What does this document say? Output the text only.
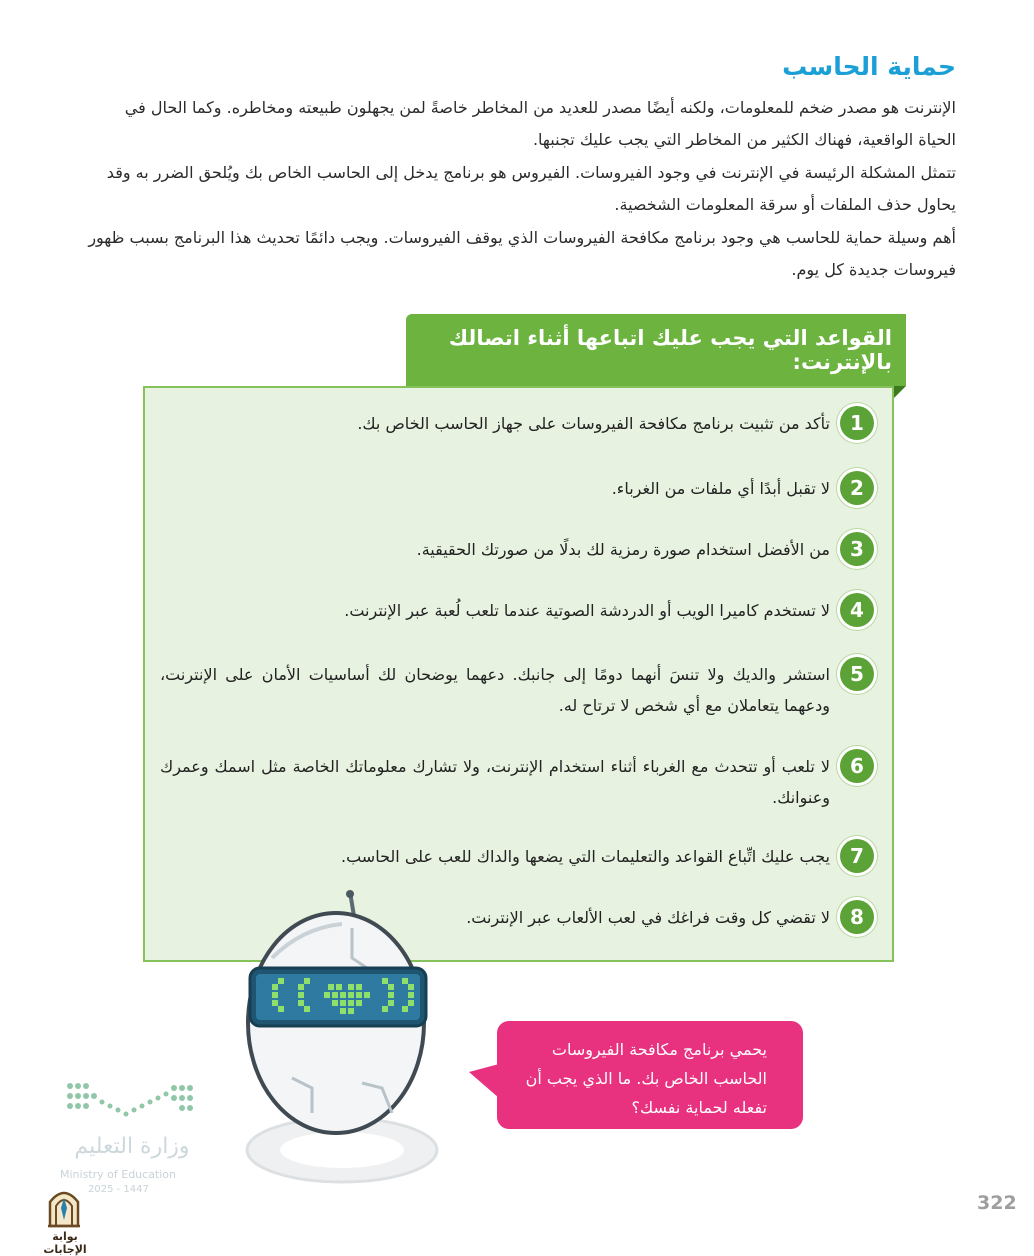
حماية الحاسب
الإنترنت هو مصدر ضخم للمعلومات، ولكنه أيضًا مصدر للعديد من المخاطر خاصةً لمن يجهلون طبيعته ومخاطره. وكما الحال في الحياة الواقعية، فهناك الكثير من المخاطر التي يجب عليك تجنبها.
تتمثل المشكلة الرئيسة في الإنترنت في وجود الفيروسات. الفيروس هو برنامج يدخل إلى الحاسب الخاص بك ويُلحق الضرر به وقد يحاول حذف الملفات أو سرقة المعلومات الشخصية.
أهم وسيلة حماية للحاسب هي وجود برنامج مكافحة الفيروسات الذي يوقف الفيروسات. ويجب دائمًا تحديث هذا البرنامج بسبب ظهور فيروسات جديدة كل يوم.
القواعد التي يجب عليك اتباعها أثناء اتصالك بالإنترنت:
1
تأكد من تثبيت برنامج مكافحة الفيروسات على جهاز الحاسب الخاص بك.
2
لا تقبل أبدًا أي ملفات من الغرباء.
3
من الأفضل استخدام صورة رمزية لك بدلًا من صورتك الحقيقية.
4
لا تستخدم كاميرا الويب أو الدردشة الصوتية عندما تلعب لُعبة عبر الإنترنت.
5
استشر والديك ولا تنسَ أنهما دومًا إلى جانبك. دعهما يوضحان لك أساسيات الأمان على الإنترنت، ودعهما يتعاملان مع أي شخص لا ترتاح له.
6
لا تلعب أو تتحدث مع الغرباء أثناء استخدام الإنترنت، ولا تشارك معلوماتك الخاصة مثل اسمك وعمرك وعنوانك.
7
يجب عليك اتِّباع القواعد والتعليمات التي يضعها والداك للعب على الحاسب.
8
لا تقضي كل وقت فراغك في لعب الألعاب عبر الإنترنت.
يحمي برنامج مكافحة الفيروسات الحاسب الخاص بك. ما الذي يجب أن تفعله لحماية نفسك؟
وزارة التعليم
Ministry of Education
2025 - 1447
بوابة الإجابات
322
